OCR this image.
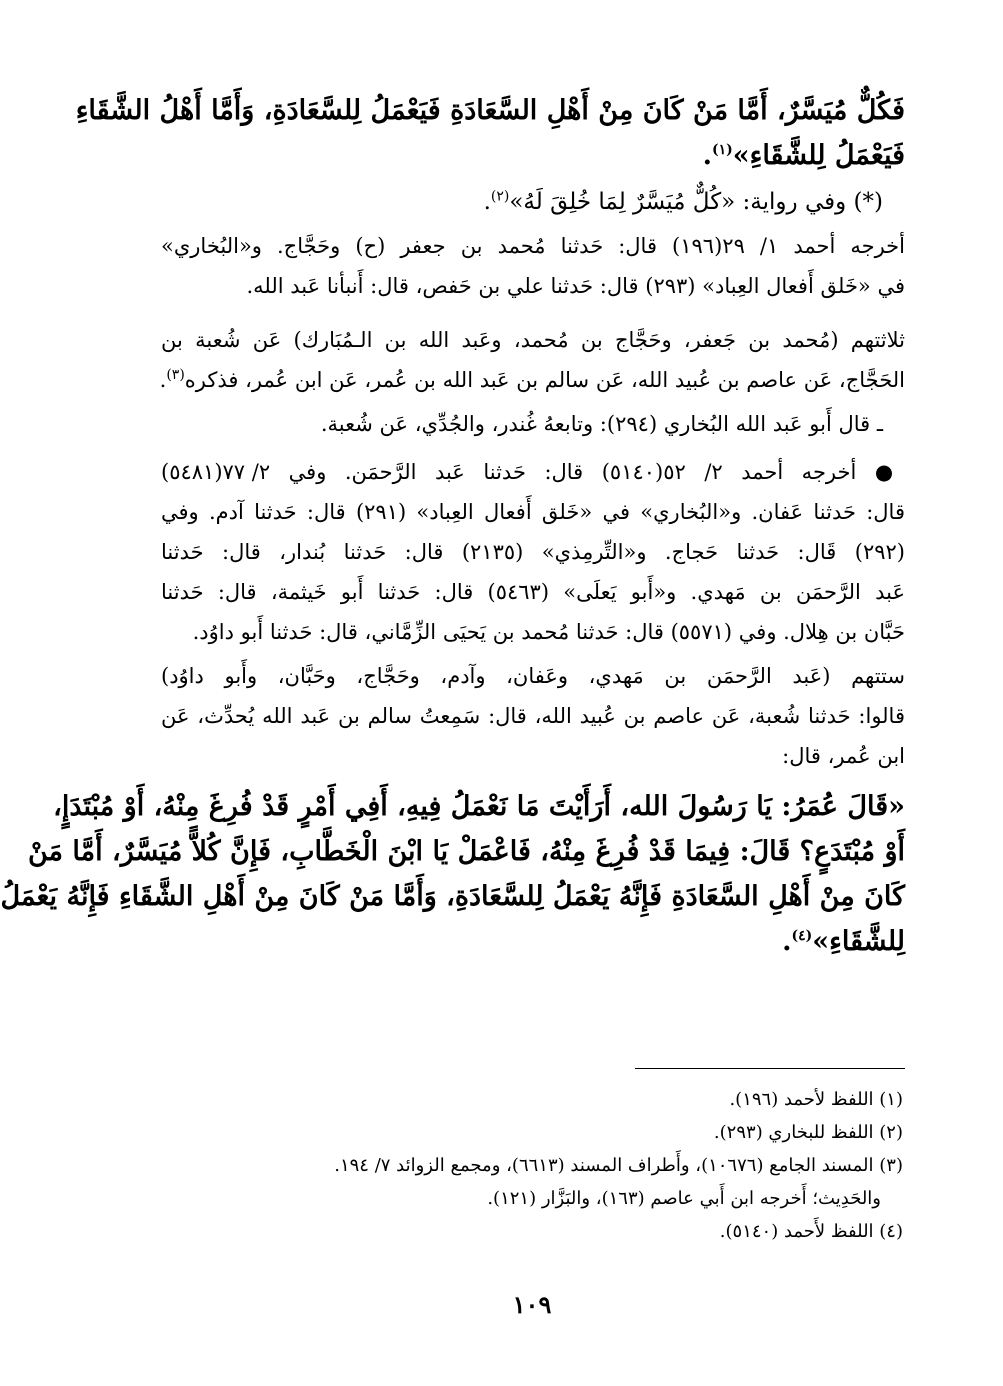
فَكُلٌّ مُيَسَّرٌ، أَمَّا مَنْ كَانَ مِنْ أَهْلِ السَّعَادَةِ فَيَعْمَلُ لِلسَّعَادَةِ، وَأَمَّا أَهْلُ الشَّقَاءِ
فَيَعْمَلُ لِلشَّقَاءِ»$^{(١)}$.
(*) وفي رواية: «كُلٌّ مُيَسَّرٌ لِمَا خُلِقَ لَهُ»$^{(٢)}$.
أخرجه أحمد ١/ ٢٩(١٩٦) قال: حَدثنا مُحمد بن جعفر (ح) وحَجَّاج. و«البُخاري»
في «خَلق أَفعال العِباد» (٢٩٣) قال: حَدثنا علي بن حَفص، قال: أَنبأنا عَبد الله.
ثلاثتهم (مُحمد بن جَعفر، وحَجَّاج بن مُحمد، وعَبد الله بن الـمُبَارك) عَن شُعبة بن
الحَجَّاج، عَن عاصم بن عُبيد الله، عَن سالم بن عَبد الله بن عُمر، عَن ابن عُمر، فذكره$^{(٣)}$.
ـ قال أَبو عَبد الله البُخاري (٢٩٤): وتابعهُ غُندر، والجُدِّي، عَن شُعبة.
● أخرجه أحمد ٢/ ٥٢(٥١٤٠) قال: حَدثنا عَبد الرَّحمَن. وفي ٢/ ٧٧(٥٤٨١)
قال: حَدثنا عَفان. و«البُخاري» في «خَلق أَفعال العِباد» (٢٩١) قال: حَدثنا آدم. وفي
(٢٩٢) قَال: حَدثنا حَجاج. و«التِّرمِذي» (٢١٣٥) قال: حَدثنا بُندار، قال: حَدثنا
عَبد الرَّحمَن بن مَهدي. و«أَبو يَعلَى» (٥٤٦٣) قال: حَدثنا أَبو خَيثمة، قال: حَدثنا
حَبَّان بن هِلال. وفي (٥٥٧١) قال: حَدثنا مُحمد بن يَحيَى الزِّمَّاني، قال: حَدثنا أَبو داوُد.
ستتهم (عَبد الرَّحمَن بن مَهدي، وعَفان، وآدم، وحَجَّاج، وحَبَّان، وأَبو داوُد)
قالوا: حَدثنا شُعبة، عَن عاصم بن عُبيد الله، قال: سَمِعتُ سالم بن عَبد الله يُحدِّث، عَن
ابن عُمر، قال:
«قَالَ عُمَرُ: يَا رَسُولَ الله، أَرَأَيْتَ مَا نَعْمَلُ فِيهِ، أَفِي أَمْرٍ قَدْ فُرِغَ مِنْهُ، أَوْ مُبْتَدَإٍ،
أَوْ مُبْتَدَعٍ؟ قَالَ: فِيمَا قَدْ فُرِغَ مِنْهُ، فَاعْمَلْ يَا ابْنَ الْخَطَّابِ، فَإِنَّ كُلاًّ مُيَسَّرٌ، أَمَّا مَنْ
كَانَ مِنْ أَهْلِ السَّعَادَةِ فَإِنَّهُ يَعْمَلُ لِلسَّعَادَةِ، وَأَمَّا مَنْ كَانَ مِنْ أَهْلِ الشَّقَاءِ فَإِنَّهُ يَعْمَلُ
لِلشَّقَاءِ»$^{(٤)}$.
(١) اللفظ لأحمد (١٩٦).
(٢) اللفظ للبخاري (٢٩٣).
(٣) المسند الجامع (١٠٦٧٦)، وأَطراف المسند (٦٦١٣)، ومجمع الزوائد ٧/ ١٩٤.
والحَدِيث؛ أَخرجه ابن أَبي عاصم (١٦٣)، والبَزَّار (١٢١).
(٤) اللفظ لأَحمد (٥١٤٠).
١٠٩
